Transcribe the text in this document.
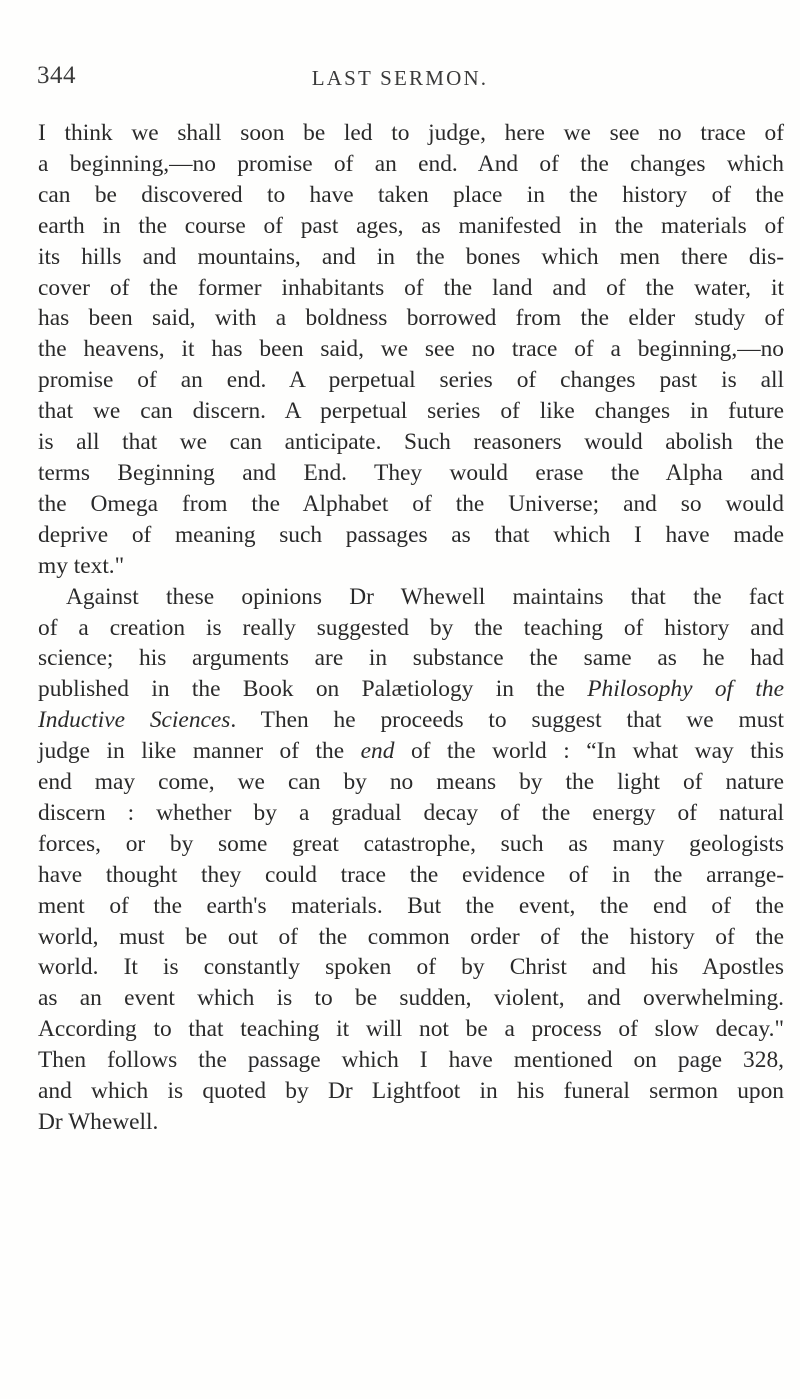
344	LAST SERMON.

I think we shall soon be led to judge, here we see no trace of
a beginning,—no promise of an end. And of the changes which
can be discovered to have taken place in the history of the
earth in the course of past ages, as manifested in the materials of
its hills and mountains, and in the bones which men there dis-
cover of the former inhabitants of the land and of the water, it
has been said, with a boldness borrowed from the elder study of
the heavens, it has been said, we see no trace of a beginning,—no
promise of an end. A perpetual series of changes past is all
that we can discern. A perpetual series of like changes in future
is all that we can anticipate. Such reasoners would abolish the
terms Beginning and End. They would erase the Alpha and
the Omega from the Alphabet of the Universe; and so would
deprive of meaning such passages as that which I have made
my text."

Against these opinions Dr Whewell maintains that the fact
of a creation is really suggested by the teaching of history and
science; his arguments are in substance the same as he had
published in the Book on Palætiology in the Philosophy of the
Inductive Sciences. Then he proceeds to suggest that we must
judge in like manner of the end of the world : “In what way this
end may come, we can by no means by the light of nature
discern : whether by a gradual decay of the energy of natural
forces, or by some great catastrophe, such as many geologists
have thought they could trace the evidence of in the arrange-
ment of the earth's materials. But the event, the end of the
world, must be out of the common order of the history of the
world. It is constantly spoken of by Christ and his Apostles
as an event which is to be sudden, violent, and overwhelming.
According to that teaching it will not be a process of slow decay."
Then follows the passage which I have mentioned on page 328,
and which is quoted by Dr Lightfoot in his funeral sermon upon
Dr Whewell.
